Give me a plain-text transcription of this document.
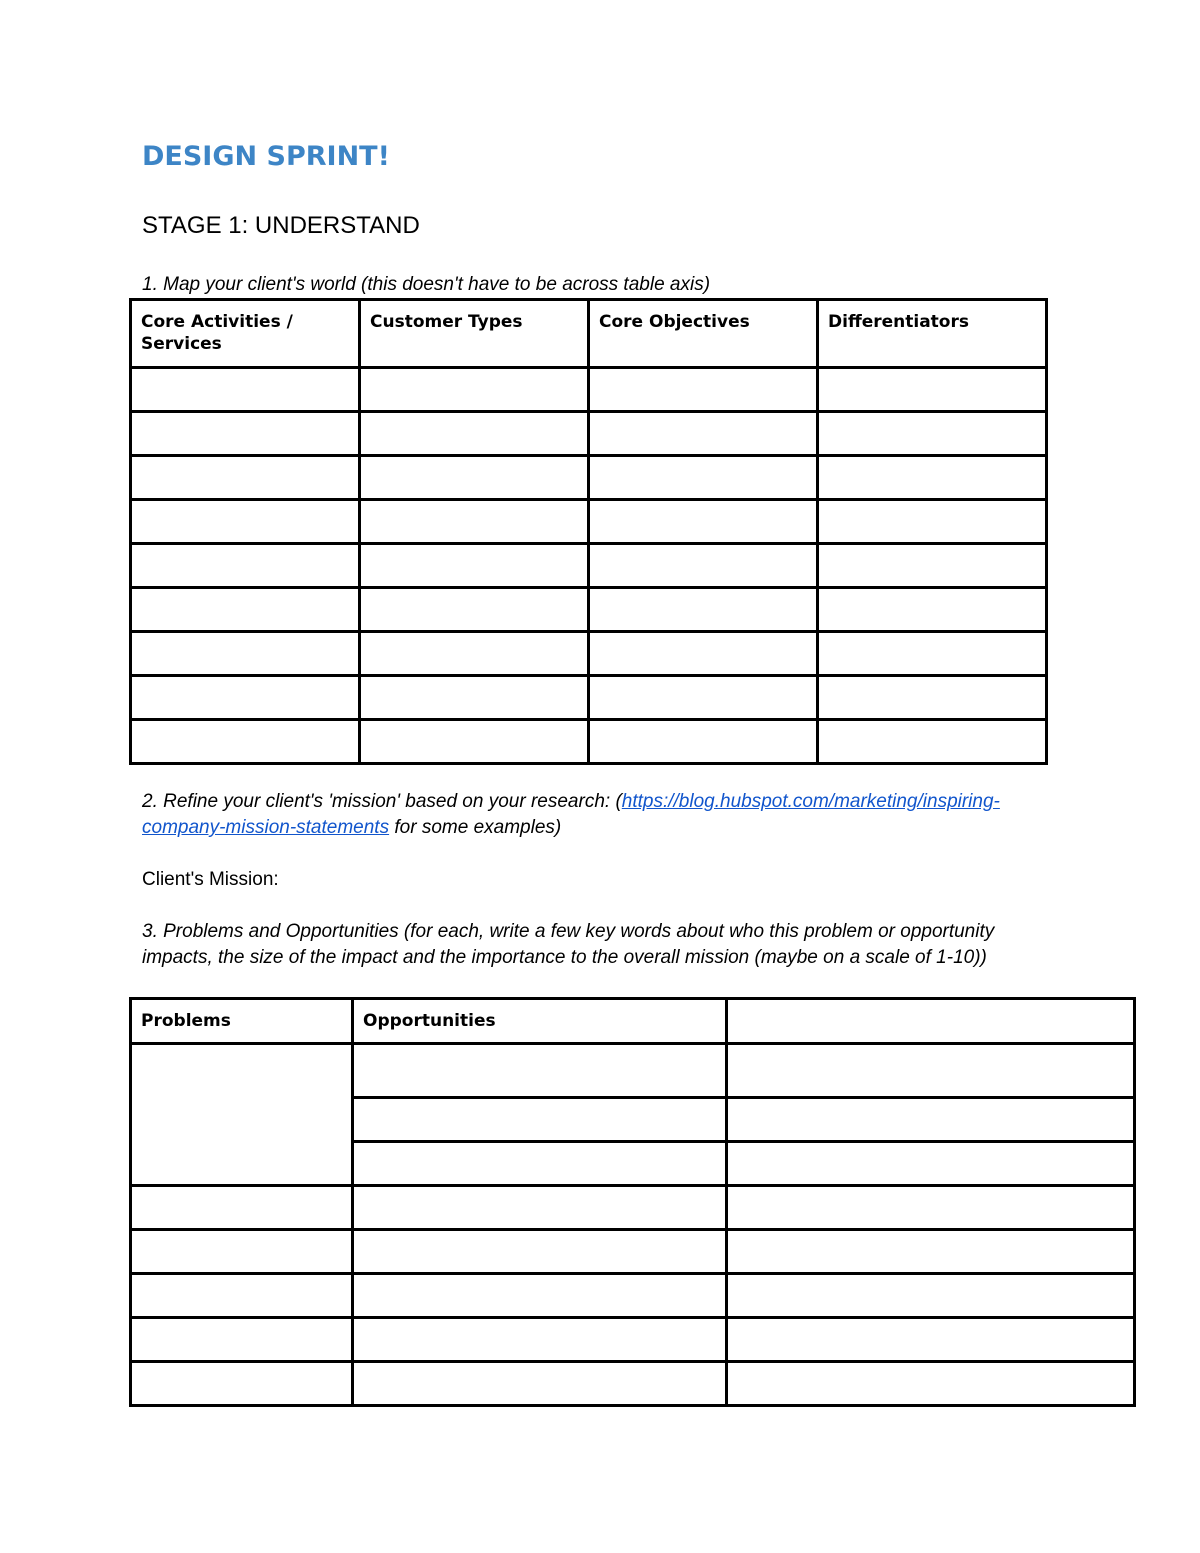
DESIGN SPRINT!
STAGE 1: UNDERSTAND
1. Map your client's world (this doesn't have to be across table axis)
Core Activities / Services	Customer Types	Core Objectives	Differentiators

2. Refine your client's 'mission' based on your research: (https://blog.hubspot.com/marketing/inspiring-
company-mission-statements for some examples)
Client's Mission:
3. Problems and Opportunities (for each, write a few key words about who this problem or opportunity
impacts, the size of the impact and the importance to the overall mission (maybe on a scale of 1-10))
Problems	Opportunities	
